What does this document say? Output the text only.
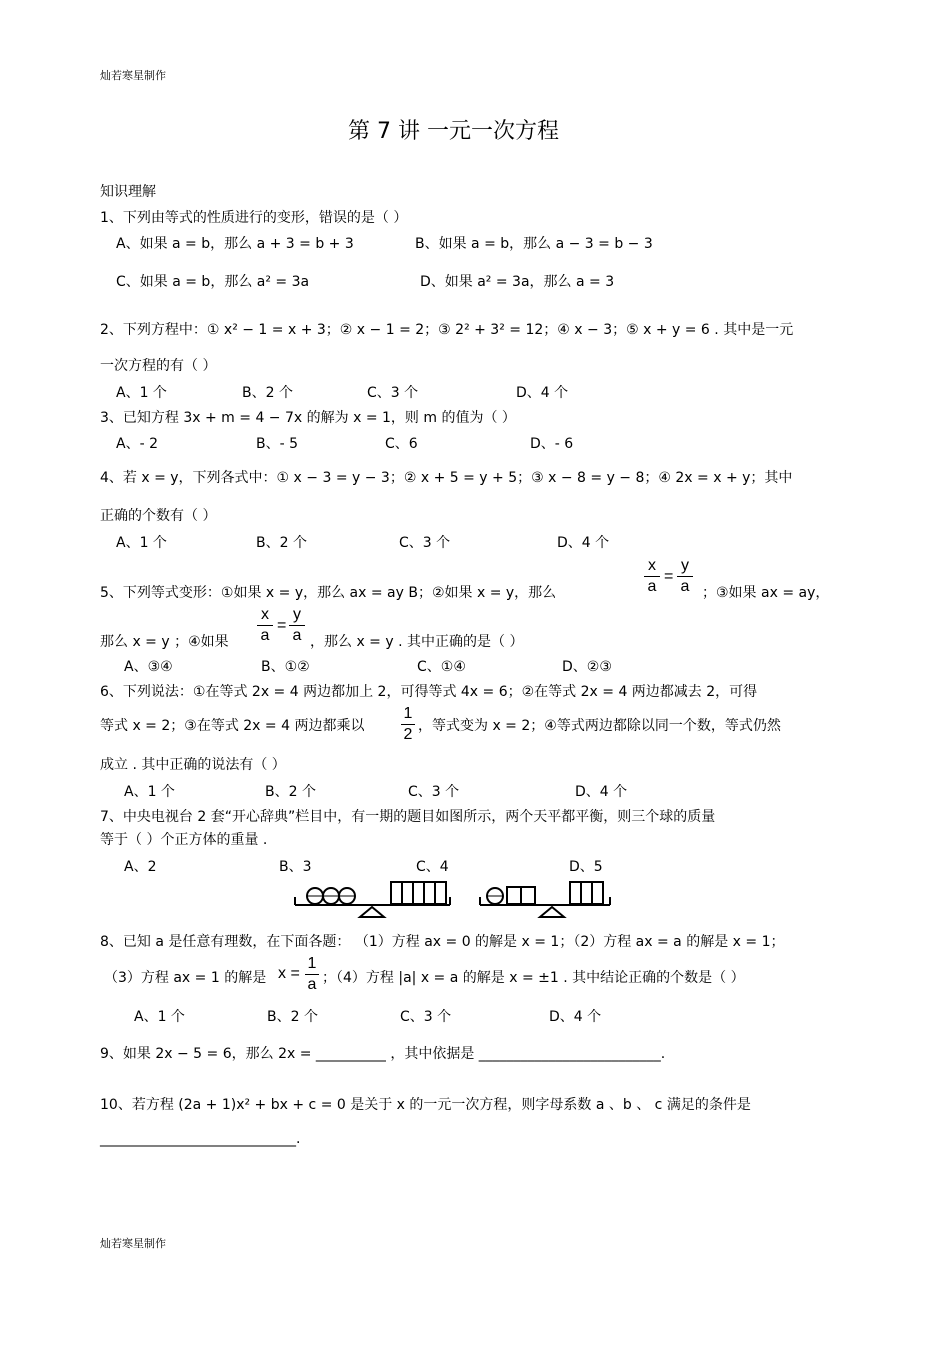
灿若寒星制作
灿若寒星制作
第 7 讲 一元一次方程
知识理解
1、下列由等式的性质进行的变形，错误的是（ ）
A、如果 a = b，那么 a + 3 = b + 3	B、如果 a = b，那么 a − 3 = b − 3
C、如果 a = b，那么 a² = 3a	D、如果 a² = 3a，那么 a = 3
2、下列方程中：① x² − 1 = x + 3；② x − 1 = 2；③ 2² + 3² = 12；④ x − 3；⑤ x + y = 6 . 其中是一元
一次方程的有（ ）
A、1 个	B、2 个	C、3 个	D、4 个
3、已知方程 3x + m = 4 − 7x 的解为 x = 1，则 m 的值为（ ）
A、- 2	B、- 5	C、6	D、- 6
4、若 x = y，下列各式中：① x − 3 = y − 3；② x + 5 = y + 5；③ x − 8 = y − 8；④ 2x = x + y；其中
正确的个数有（ ）
A、1 个	B、2 个	C、3 个	D、4 个
5、下列等式变形：①如果 x = y，那么 ax = ay B；②如果 x = y，那么
x
a
=
y
a ；③如果 ax = ay，
那么 x = y ；④如果
x
a
=
y
a ，那么 x = y . 其中正确的是（ ）
A、③④	B、①②	C、①④	D、②③
6、下列说法：①在等式 2x = 4 两边都加上 2，可得等式 4x = 6；②在等式 2x = 4 两边都减去 2，可得
等式 x = 2；③在等式 2x = 4 两边都乘以
1
2 ，等式变为 x = 2；④等式两边都除以同一个数，等式仍然
成立 . 其中正确的说法有（ ）
A、1 个	B、2 个	C、3 个	D、4 个
7、中央电视台 2 套“开心辞典”栏目中，有一期的题目如图所示，两个天平都平衡，则三个球的质量
等于（ ）个正方体的重量 .
A、2	B、3	C、4	D、5
8、已知 a 是任意有理数，在下面各题： （1）方程 ax = 0 的解是 x = 1；（2）方程 ax = a 的解是 x = 1；
（3）方程 ax = 1 的解是 x =
1
a ；（4）方程 |a| x = a 的解是 x = ±1 . 其中结论正确的个数是（ ）
A、1 个	B、2 个	C、3 个	D、4 个
9、如果 2x − 5 = 6，那么 2x = __________ ，其中依据是 __________________________.
10、若方程 (2a + 1)x² + bx + c = 0 是关于 x 的一元一次方程，则字母系数 a 、b 、 c 满足的条件是
____________________________.
